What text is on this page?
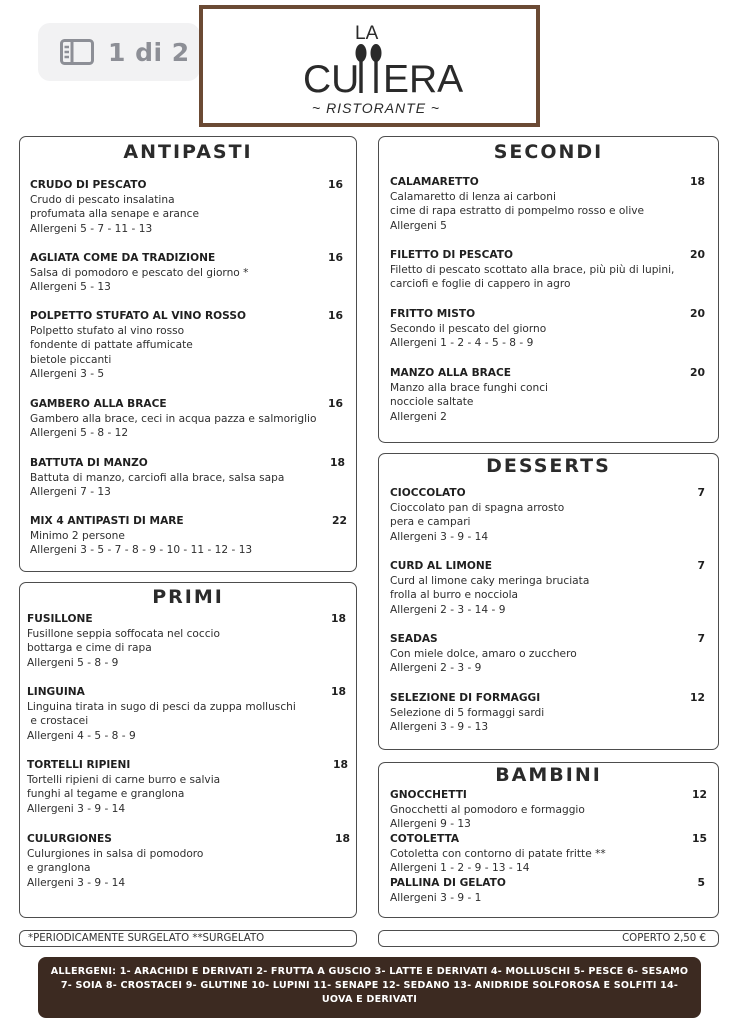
1 di 2
LA
CU ERA
~ RISTORANTE ~
ANTIPASTI
CRUDO DI PESCATO
Crudo di pescato insalatina
profumata alla senape e arance
Allergeni 5 - 7 - 11 - 13
16
AGLIATA COME DA TRADIZIONE
Salsa di pomodoro e pescato del giorno *
Allergeni 5 - 13
16
POLPETTO STUFATO AL VINO ROSSO
Polpetto stufato al vino rosso
fondente di pattate affumicate
bietole piccanti
Allergeni 3 - 5
16
GAMBERO ALLA BRACE
Gambero alla brace, ceci in acqua pazza e salmoriglio
Allergeni 5 - 8 - 12
16
BATTUTA DI MANZO
Battuta di manzo, carciofi alla brace, salsa sapa
Allergeni 7 - 13
18
MIX 4 ANTIPASTI DI MARE
Minimo 2 persone
Allergeni 3 - 5 - 7 - 8 - 9 - 10 - 11 - 12 - 13
22
PRIMI
FUSILLONE
Fusillone seppia soffocata nel coccio
bottarga e cime di rapa
Allergeni 5 - 8 - 9
18
LINGUINA
Linguina tirata in sugo di pesci da zuppa molluschi
e crostacei
Allergeni 4 - 5 - 8 - 9
18
TORTELLI RIPIENI
Tortelli ripieni di carne burro e salvia
funghi al tegame e granglona
Allergeni 3 - 9 - 14
18
CULURGIONES
Culurgiones in salsa di pomodoro
e granglona
Allergeni 3 - 9 - 14
18
SECONDI
CALAMARETTO
Calamaretto di lenza ai carboni
cime di rapa estratto di pompelmo rosso e olive
Allergeni 5
18
FILETTO DI PESCATO
Filetto di pescato scottato alla brace, più più di lupini,
carciofi e foglie di cappero in agro
20
FRITTO MISTO
Secondo il pescato del giorno
Allergeni 1 - 2 - 4 - 5 - 8 - 9
20
MANZO ALLA BRACE
Manzo alla brace funghi conci
nocciole saltate
Allergeni 2
20
DESSERTS
CIOCCOLATO
Cioccolato pan di spagna arrosto
pera e campari
Allergeni 3 - 9 - 14
7
CURD AL LIMONE
Curd al limone caky meringa bruciata
frolla al burro e nocciola
Allergeni 2 - 3 - 14 - 9
7
SEADAS
Con miele dolce, amaro o zucchero
Allergeni 2 - 3 - 9
7
SELEZIONE DI FORMAGGI
Selezione di 5 formaggi sardi
Allergeni 3 - 9 - 13
12
BAMBINI
GNOCCHETTI
Gnocchetti al pomodoro e formaggio
Allergeni 9 - 13
12
COTOLETTA
Cotoletta con contorno di patate fritte **
Allergeni 1 - 2 - 9 - 13 - 14
15
PALLINA DI GELATO
Allergeni 3 - 9 - 1
5
*PERIODICAMENTE SURGELATO **SURGELATO	COPERTO 2,50 €
ALLERGENI: 1- ARACHIDI E DERIVATI 2- FRUTTA A GUSCIO 3- LATTE E DERIVATI 4- MOLLUSCHI 5- PESCE 6- SESAMO 7- SOIA 8- CROSTACEI 9- GLUTINE 10- LUPINI 11- SENAPE 12- SEDANO 13- ANIDRIDE SOLFOROSA E SOLFITI 14- UOVA E DERIVATI
